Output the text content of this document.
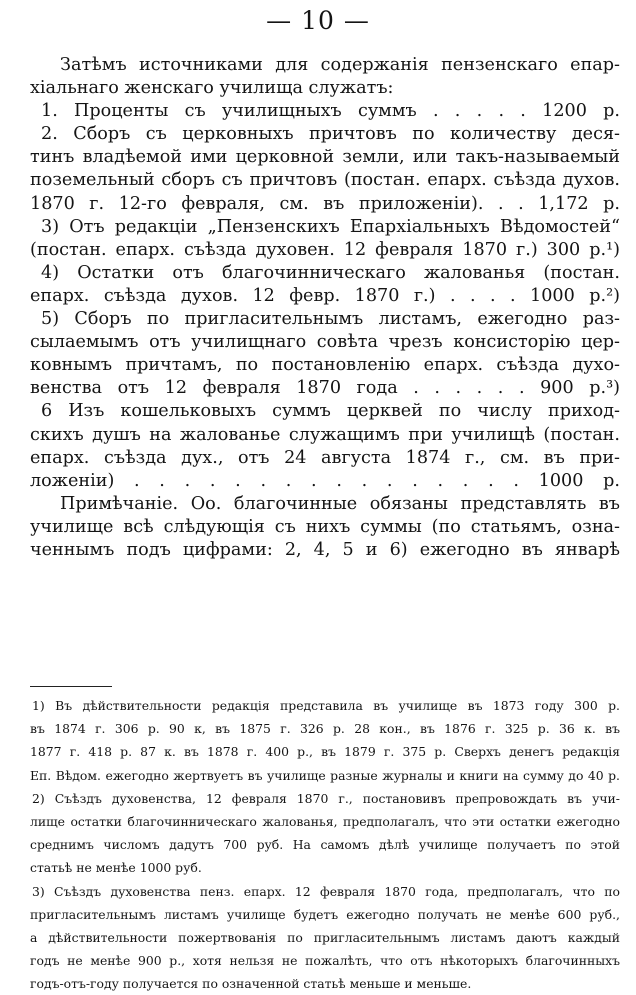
— 10 —
Затѣмъ источниками для содержанія пензенскаго епар-
хіальнаго женскаго училища служатъ:
1. Проценты съ училищныхъ суммъ . . . . . 1200 р.
2. Сборъ съ церковныхъ причтовъ по количеству деся-
тинъ владѣемой ими церковной земли, или такъ-называемый
поземельный сборъ съ причтовъ (постан. епарх. съѣзда духов.
1870 г. 12-го февраля, см. въ приложеніи). . . 1,172 р.
3) Отъ редакціи „Пензенскихъ Епархіальныхъ Вѣдомостей“
(постан. епарх. съѣзда духовен. 12 февраля 1870 г.) 300 р.¹)
4) Остатки отъ благочинническаго жалованья (постан.
епарх. съѣзда духов. 12 февр. 1870 г.) . . . . 1000 р.²)
5) Сборъ по пригласительнымъ листамъ, ежегодно раз-
сылаемымъ отъ училищнаго совѣта чрезъ консисторію цер-
ковнымъ причтамъ, по постановленію епарх. съѣзда духо-
венства отъ 12 февраля 1870 года . . . . . . 900 р.³)
6 Изъ кошельковыхъ суммъ церквей по числу приход-
скихъ душъ на жалованье служащимъ при училищѣ (постан.
епарх. съѣзда дух., отъ 24 августа 1874 г., см. въ при-
ложеніи) . . . . . . . . . . . . . . . . 1000 р.
Примѣчаніе. Оо. благочинные обязаны представлять въ
училище всѣ слѣдующія съ нихъ суммы (по статьямъ, озна-
ченнымъ подъ цифрами: 2, 4, 5 и 6) ежегодно въ январѣ
1) Въ дѣйствительности редакція представила въ училище въ 1873 году 300 р.
въ 1874 г. 306 р. 90 к, въ 1875 г. 326 р. 28 кон., въ 1876 г. 325 р. 36 к. въ
1877 г. 418 р. 87 к. въ 1878 г. 400 р., въ 1879 г. 375 р. Сверхъ денегъ редакція
Еп. Вѣдом. ежегодно жертвуетъ въ училище разные журналы и книги на сумму до 40 р.
2) Съѣздъ духовенства, 12 февраля 1870 г., постановивъ препровождать въ учи-
лище остатки благочинническаго жалованья, предполагалъ, что эти остатки ежегодно
среднимъ числомъ дадутъ 700 руб. На самомъ дѣлѣ училище получаетъ по этой
статьѣ не менѣе 1000 руб.
3) Съѣздъ духовенства пенз. епарх. 12 февраля 1870 года, предполагалъ, что по
пригласительнымъ листамъ училище будетъ ежегодно получать не менѣе 600 руб.,
а дѣйствительности пожертвованія по пригласительнымъ листамъ даютъ каждый
годъ не менѣе 900 р., хотя нельзя не пожалѣть, что отъ нѣкоторыхъ благочинныхъ
годъ-отъ-году получается по означенной статьѣ меньше и меньше.
